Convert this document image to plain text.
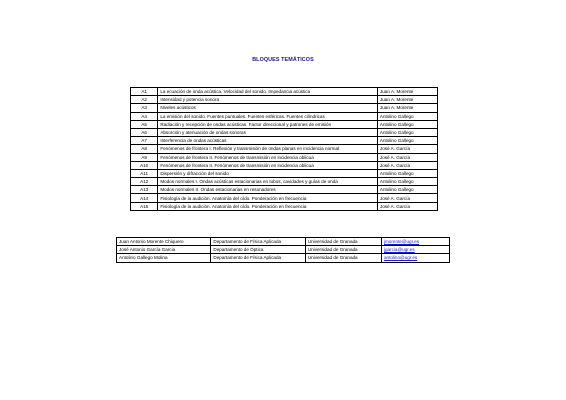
BLOQUES TEMÁTICOS
A1	La ecuación de onda acústica. Velocidad del sonido. Impedancia acústica	Juan A. Morente
A2	Intensidad y potencia sonora	Juan A. Morente
A3	Niveles acústicos	Juan A. Morente
A4	La emisión del sonido. Fuentes puntuales. Fuentes esféricas. Fuentes cilíndricas	Antolino Gallego
A5	Radiación y recepción de ondas acústicas. Factor direccional y patrones de emisión	Antolino Gallego
A6	Absorción y atenuación de ondas sonoras	Antolino Gallego
A7	Interferencia de ondas acústicas	Antolino Gallego
A8	Fenómenos de frontera I. Reflexión y transmisión de ondas planas en incidencia normal	José A. García
A9	Fenómenos de frontera II. Fenómenos de transmisión en incidencia oblicua	José A. García
A10	Fenómenos de frontera II. Fenómenos de transmisión en incidencia oblicua	José A. García
A11	Dispersión y difracción del sonido	Antolino Gallego
A12	Modos normales I. Ondas acústicas estacionarias en tubos, cavidades y guías de onda	Antolino Gallego
A13	Modos normales II. Ondas estacionarias en resonadores	Antolino Gallego
A14	Fisiología de la audición. Anatomía del oído. Ponderación en frecuencia	José A. García
A15	Fisiología de la audición. Anatomía del oído. Ponderación en frecuencia	José A. García
Juan Antonio Morente Chiquero	Departamento de Física Aplicada	Universidad de Granada	jmorente@ugr.es
José Antonio García Garcia	Departamento de Óptica	Universidad de Granada	jgarcia@ugr.es
Antolino Gallego Molina	Departamento de Física Aplicada	Universidad de Granada	antolino@ugr.es
